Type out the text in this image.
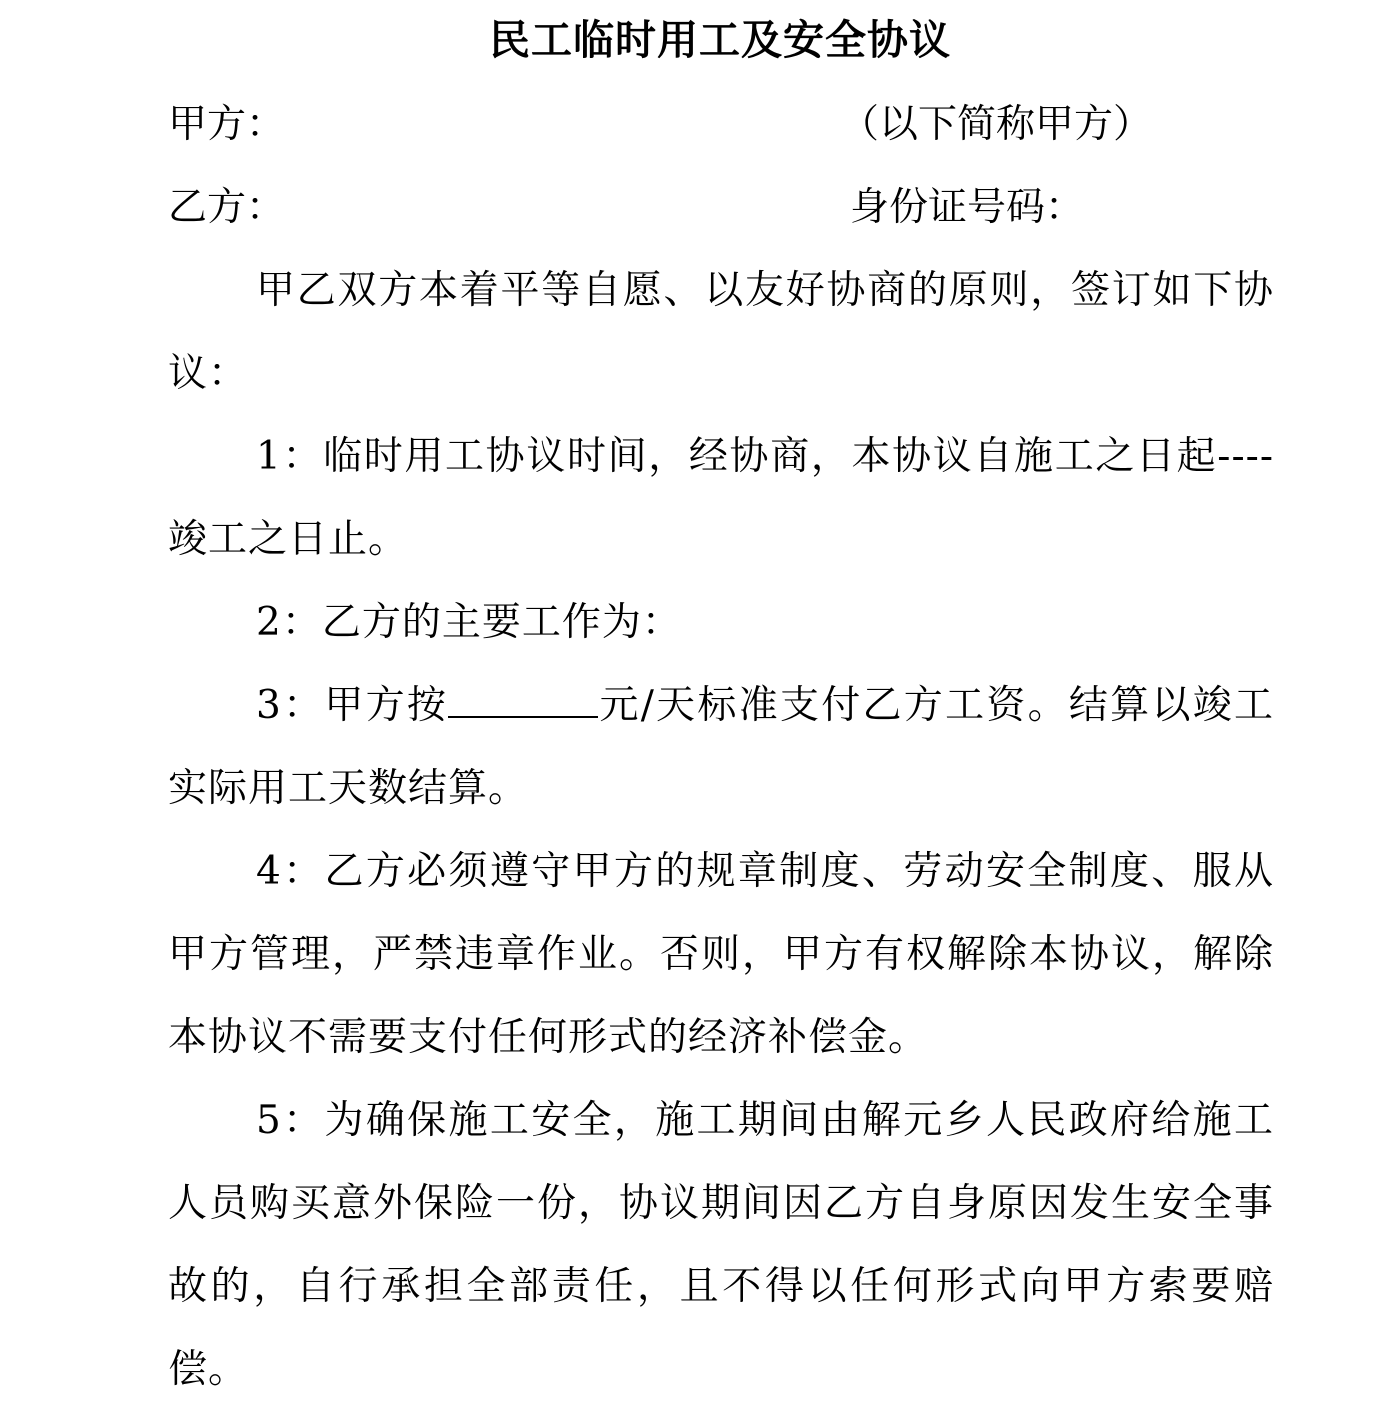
民工临时用工及安全协议
甲方：	（以下简称甲方）
乙方：	身份证号码：

甲乙双方本着平等自愿、以友好协商的原则，签订如下协议：

1：临时用工协议时间，经协商，本协议自施工之日起----竣工之日止。

2：乙方的主要工作为：

3：甲方按	元/天标准支付乙方工资。结算以竣工实际用工天数结算。

4：乙方必须遵守甲方的规章制度、劳动安全制度、服从甲方管理，严禁违章作业。否则，甲方有权解除本协议，解除本协议不需要支付任何形式的经济补偿金。

5：为确保施工安全，施工期间由解元乡人民政府给施工人员购买意外保险一份，协议期间因乙方自身原因发生安全事故的，自行承担全部责任，且不得以任何形式向甲方索要赔偿。
